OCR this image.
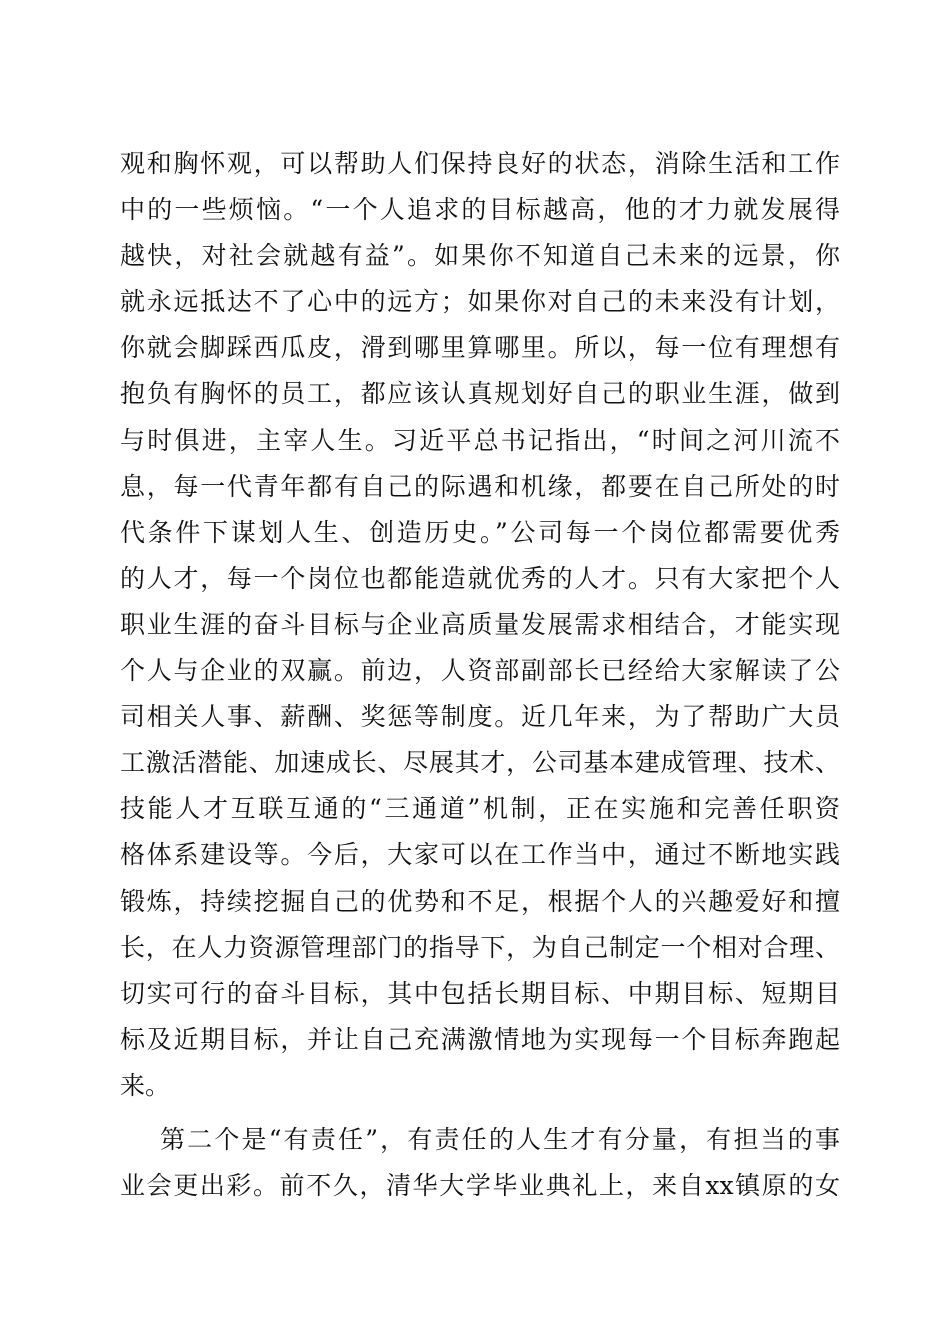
观和胸怀观，可以帮助人们保持良好的状态，消除生活和工作
中的一些烦恼。“一个人追求的目标越高，他的才力就发展得
越快，对社会就越有益”。如果你不知道自己未来的远景，你
就永远抵达不了心中的远方；如果你对自己的未来没有计划，
你就会脚踩西瓜皮，滑到哪里算哪里。所以，每一位有理想有
抱负有胸怀的员工，都应该认真规划好自己的职业生涯，做到
与时俱进，主宰人生。习近平总书记指出，“时间之河川流不
息，每一代青年都有自己的际遇和机缘，都要在自己所处的时
代条件下谋划人生、创造历史。”公司每一个岗位都需要优秀
的人才，每一个岗位也都能造就优秀的人才。只有大家把个人
职业生涯的奋斗目标与企业高质量发展需求相结合，才能实现
个人与企业的双赢。前边，人资部副部长已经给大家解读了公
司相关人事、薪酬、奖惩等制度。近几年来，为了帮助广大员
工激活潜能、加速成长、尽展其才，公司基本建成管理、技术、
技能人才互联互通的“三通道”机制，正在实施和完善任职资
格体系建设等。今后，大家可以在工作当中，通过不断地实践
锻炼，持续挖掘自己的优势和不足，根据个人的兴趣爱好和擅
长，在人力资源管理部门的指导下，为自己制定一个相对合理、
切实可行的奋斗目标，其中包括长期目标、中期目标、短期目
标及近期目标，并让自己充满激情地为实现每一个目标奔跑起
来。
第二个是“有责任”，有责任的人生才有分量，有担当的事
业会更出彩。前不久，清华大学毕业典礼上，来自xx镇原的女
